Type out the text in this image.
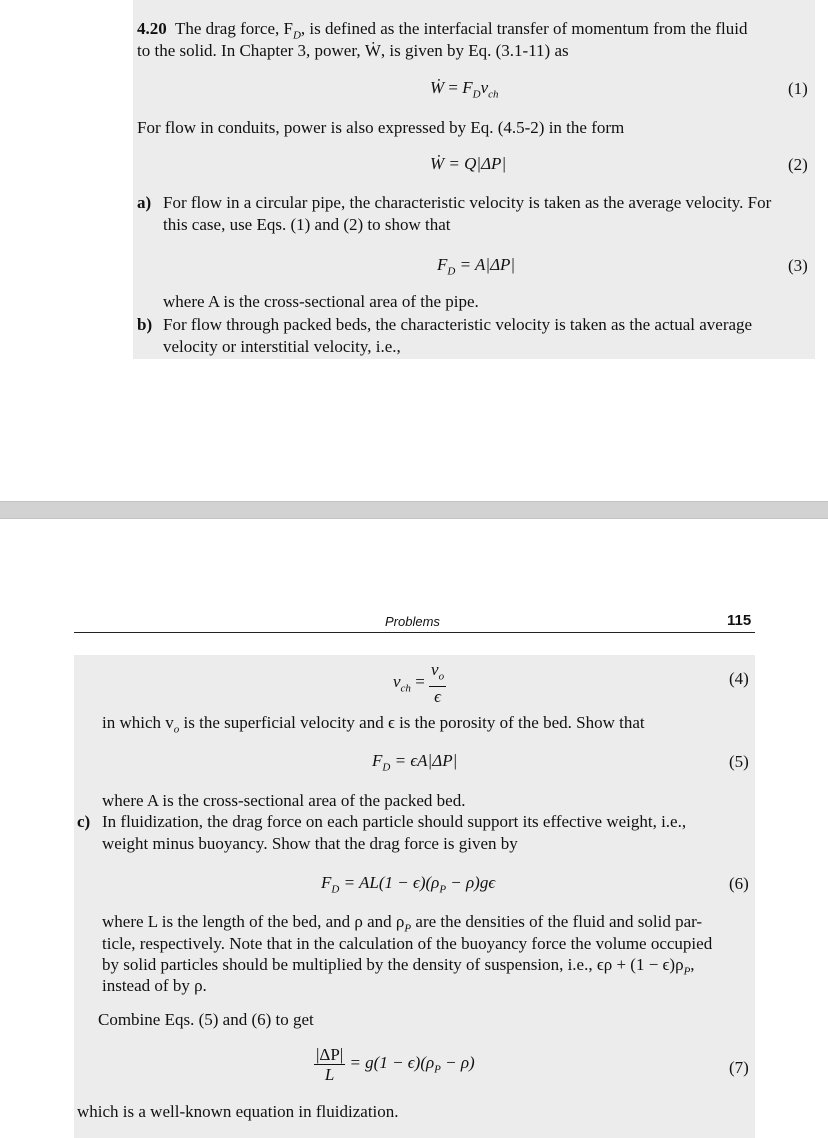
4.20 The drag force, $F_D$, is defined as the interfacial transfer of momentum from the fluid
to the solid. In Chapter 3, power, Ẇ, is given by Eq. (3.1-11) as
Ẇ = $F_Dv_{ch}$	(1)
For flow in conduits, power is also expressed by Eq. (4.5-2) in the form
Ẇ = Q|ΔP|	(2)
a) For flow in a circular pipe, the characteristic velocity is taken as the average velocity. For
this case, use Eqs. (1) and (2) to show that
$F_D = A|\Delta P|$	(3)
where A is the cross-sectional area of the pipe.
b) For flow through packed beds, the characteristic velocity is taken as the actual average
velocity or interstitial velocity, i.e.,
Problems	115
$v_{ch} = \frac{v_o}{\epsilon}$	(4)
in which $v_o$ is the superficial velocity and ϵ is the porosity of the bed. Show that
$F_D = \epsilon A|\Delta P|$	(5)
where A is the cross-sectional area of the packed bed.
c) In fluidization, the drag force on each particle should support its effective weight, i.e.,
weight minus buoyancy. Show that the drag force is given by
$F_D = AL(1 - \epsilon)(\rho_P - \rho)g\epsilon$	(6)
where L is the length of the bed, and ρ and $\rho_P$ are the densities of the fluid and solid par-
ticle, respectively. Note that in the calculation of the buoyancy force the volume occupied
by solid particles should be multiplied by the density of suspension, i.e., $\epsilon\rho + (1 - \epsilon)\rho_P$,
instead of by ρ.
Combine Eqs. (5) and (6) to get
$\frac{|\Delta P|}{L} = g(1 - \epsilon)(\rho_P - \rho)$	(7)
which is a well-known equation in fluidization.
